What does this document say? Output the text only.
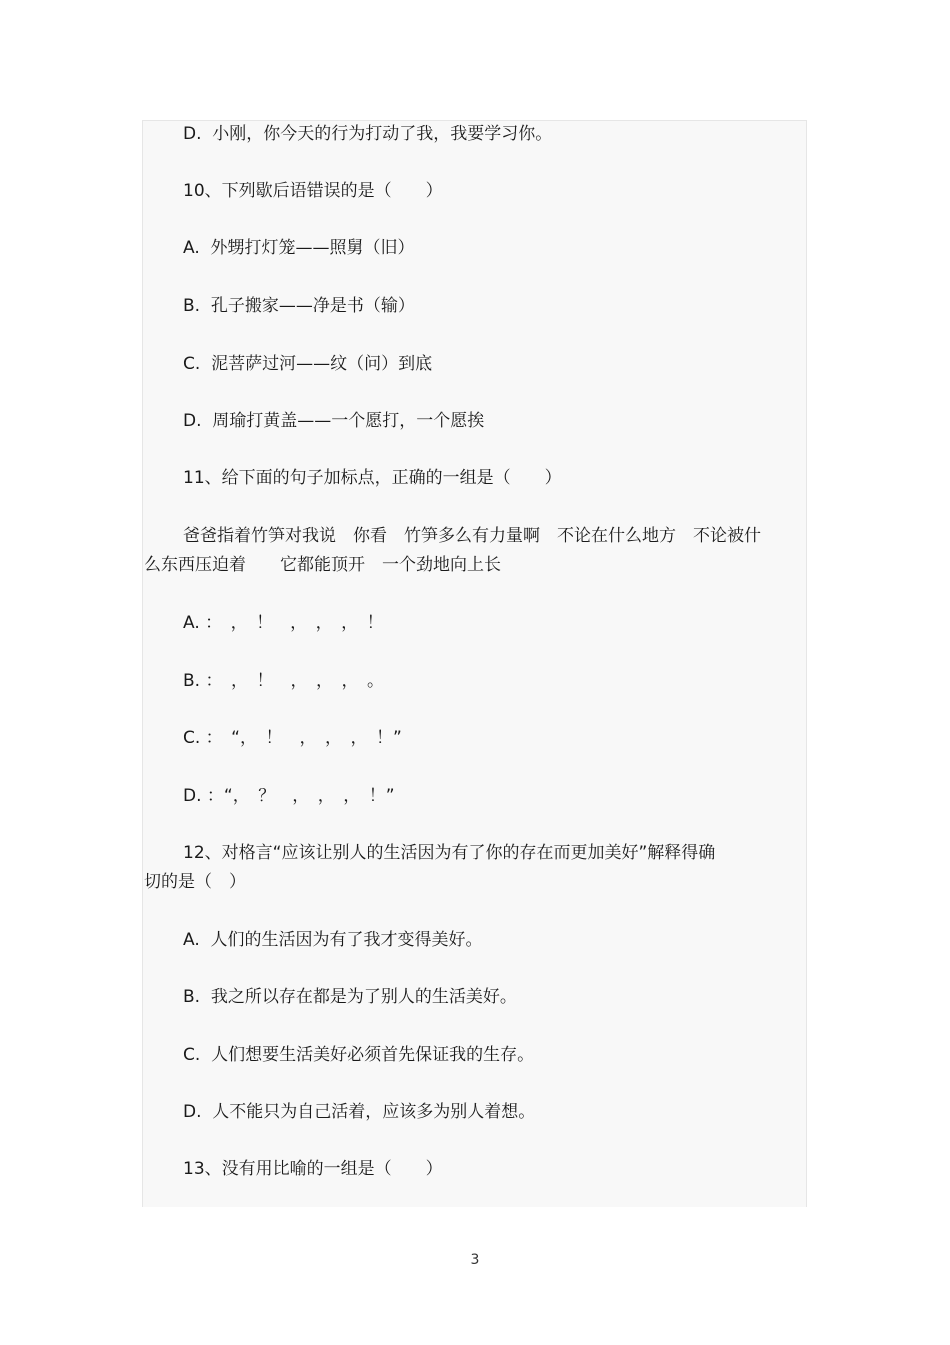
D.  小刚，你今天的行为打动了我，我要学习你。
10、下列歇后语错误的是（　　）
A.  外甥打灯笼——照舅（旧）
B.  孔子搬家——净是书（输）
C.  泥菩萨过河——纹（问）到底
D.  周瑜打黄盖——一个愿打，一个愿挨
11、给下面的句子加标点，正确的一组是（　　）
爸爸指着竹笋对我说　你看　竹笋多么有力量啊　不论在什么地方　不论被什
么东西压迫着　　它都能顶开　一个劲地向上长
A. ：　，　！　，　，　，　！
B. ：　，　！　，　，　，　。
C. ：　“，　！　，　，　，　！”
D. ：“，　？　，　，　，　！”
12、对格言“应该让别人的生活因为有了你的存在而更加美好”解释得确
切的是（　）
A.  人们的生活因为有了我才变得美好。
B.  我之所以存在都是为了别人的生活美好。
C.  人们想要生活美好必须首先保证我的生存。
D.  人不能只为自己活着，应该多为别人着想。
13、没有用比喻的一组是（　　）
3
